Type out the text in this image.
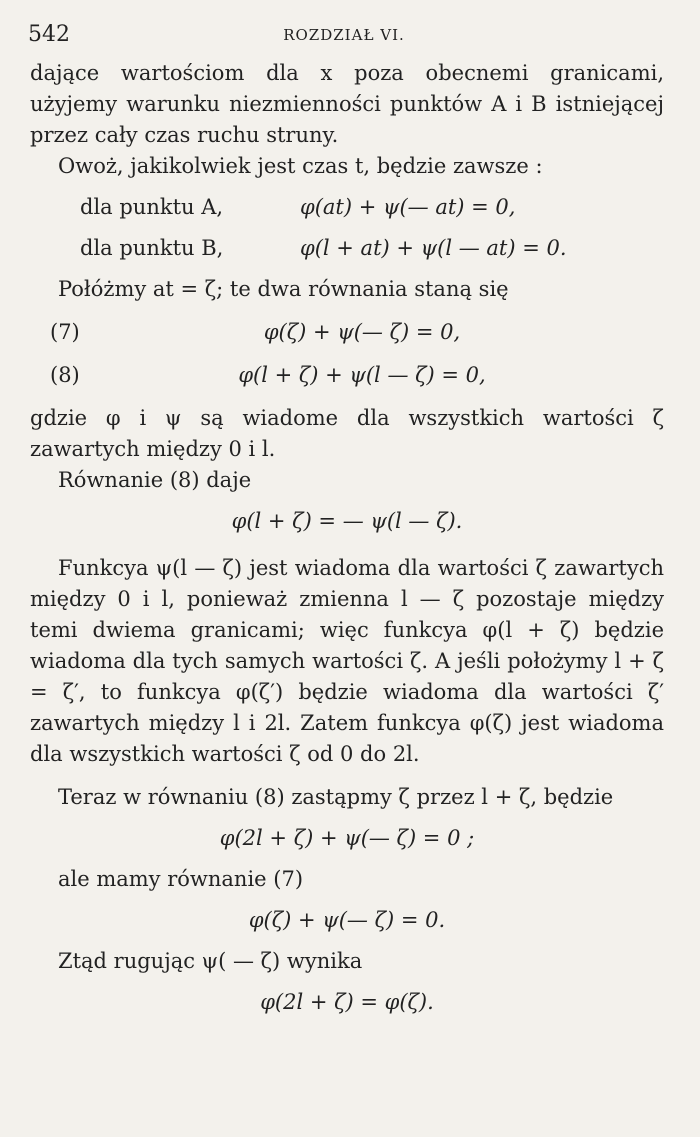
542	ROZDZIAŁ VI.

dające wartościom dla x poza obecnemi granicami, użyjemy warunku niezmienności punktów A i B istniejącej przez cały czas ruchu struny.

Owoż, jakikolwiek jest czas t, będzie zawsze :

dla punktu A,	φ(at) + ψ(— at) = 0,
dla punktu B,	φ(l + at) + ψ(l — at) = 0.

Połóżmy at = ζ; te dwa równania staną się

(7)	φ(ζ) + ψ(— ζ) = 0,
(8)	φ(l + ζ) + ψ(l — ζ) = 0,

gdzie φ i ψ są wiadome dla wszystkich wartości ζ zawartych między 0 i l.

Równanie (8) daje

φ(l + ζ) = — ψ(l — ζ).

Funkcya ψ(l — ζ) jest wiadoma dla wartości ζ zawartych między 0 i l, ponieważ zmienna l — ζ pozostaje między temi dwiema granicami; więc funkcya φ(l + ζ) będzie wiadoma dla tych samych wartości ζ. A jeśli położymy l + ζ = ζ′, to funkcya φ(ζ′) będzie wiadoma dla wartości ζ′ zawartych między l i 2l. Zatem funkcya φ(ζ) jest wiadoma dla wszystkich wartości ζ od 0 do 2l.

Teraz w równaniu (8) zastąpmy ζ przez l + ζ, będzie

φ(2l + ζ) + ψ(— ζ) = 0 ;

ale mamy równanie (7)

φ(ζ) + ψ(— ζ) = 0.

Ztąd rugując ψ( — ζ) wynika

φ(2l + ζ) = φ(ζ).
